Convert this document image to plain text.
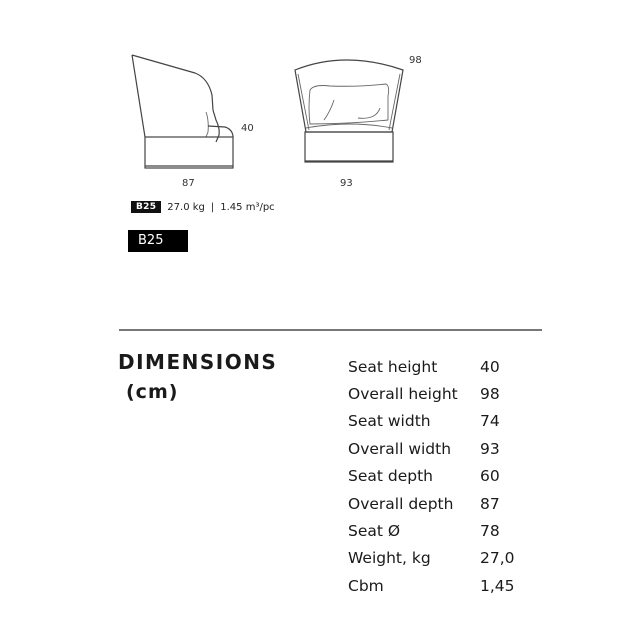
40
87
98
93
B25	27.0 kg | 1.45 m³/pc
B25
DIMENSIONS
(cm)
Seat height	40
Overall height	98
Seat width	74
Overall width	93
Seat depth	60
Overall depth	87
Seat Ø	78
Weight, kg	27,0
Cbm	1,45
